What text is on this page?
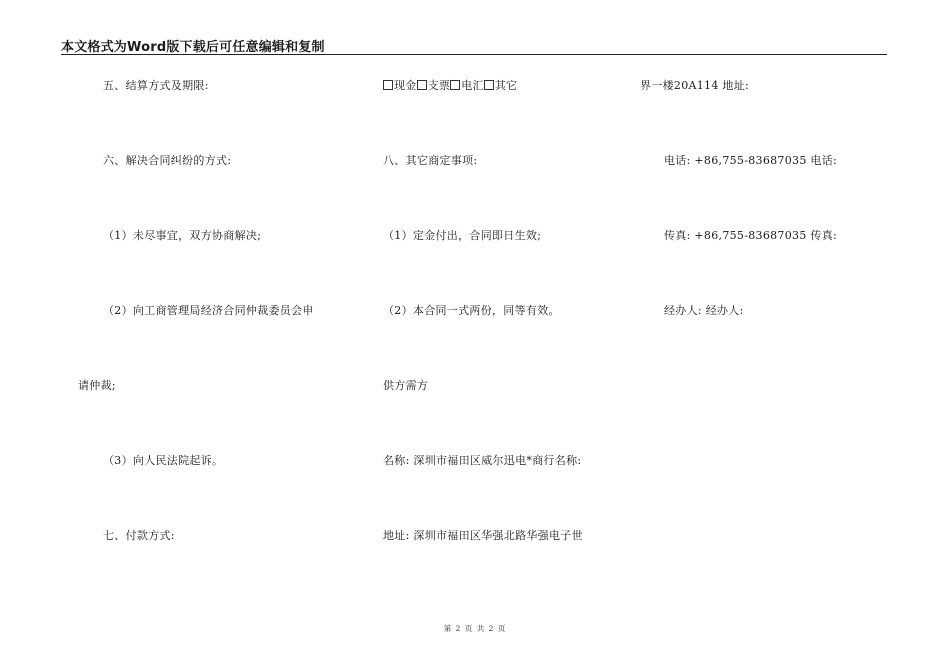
本文格式为Word版下载后可任意编辑和复制
五、结算方式及期限:
六、解决合同纠纷的方式:
（1）未尽事宜，双方协商解决;
（2）向工商管理局经济合同仲裁委员会申
请仲裁;
（3）向人民法院起诉。
七、付款方式:
现金 支票 电汇 其它
八、其它商定事项:
（1）定金付出，合同即日生效;
（2）本合同一式两份，同等有效。
供方需方
名称: 深圳市福田区威尔迅电*商行名称:
地址: 深圳市福田区华强北路华强电子世
界一楼20A114 地址:
电话: +86,755-83687035 电话:
传真: +86,755-83687035 传真:
经办人: 经办人:
第 2 页 共 2 页
